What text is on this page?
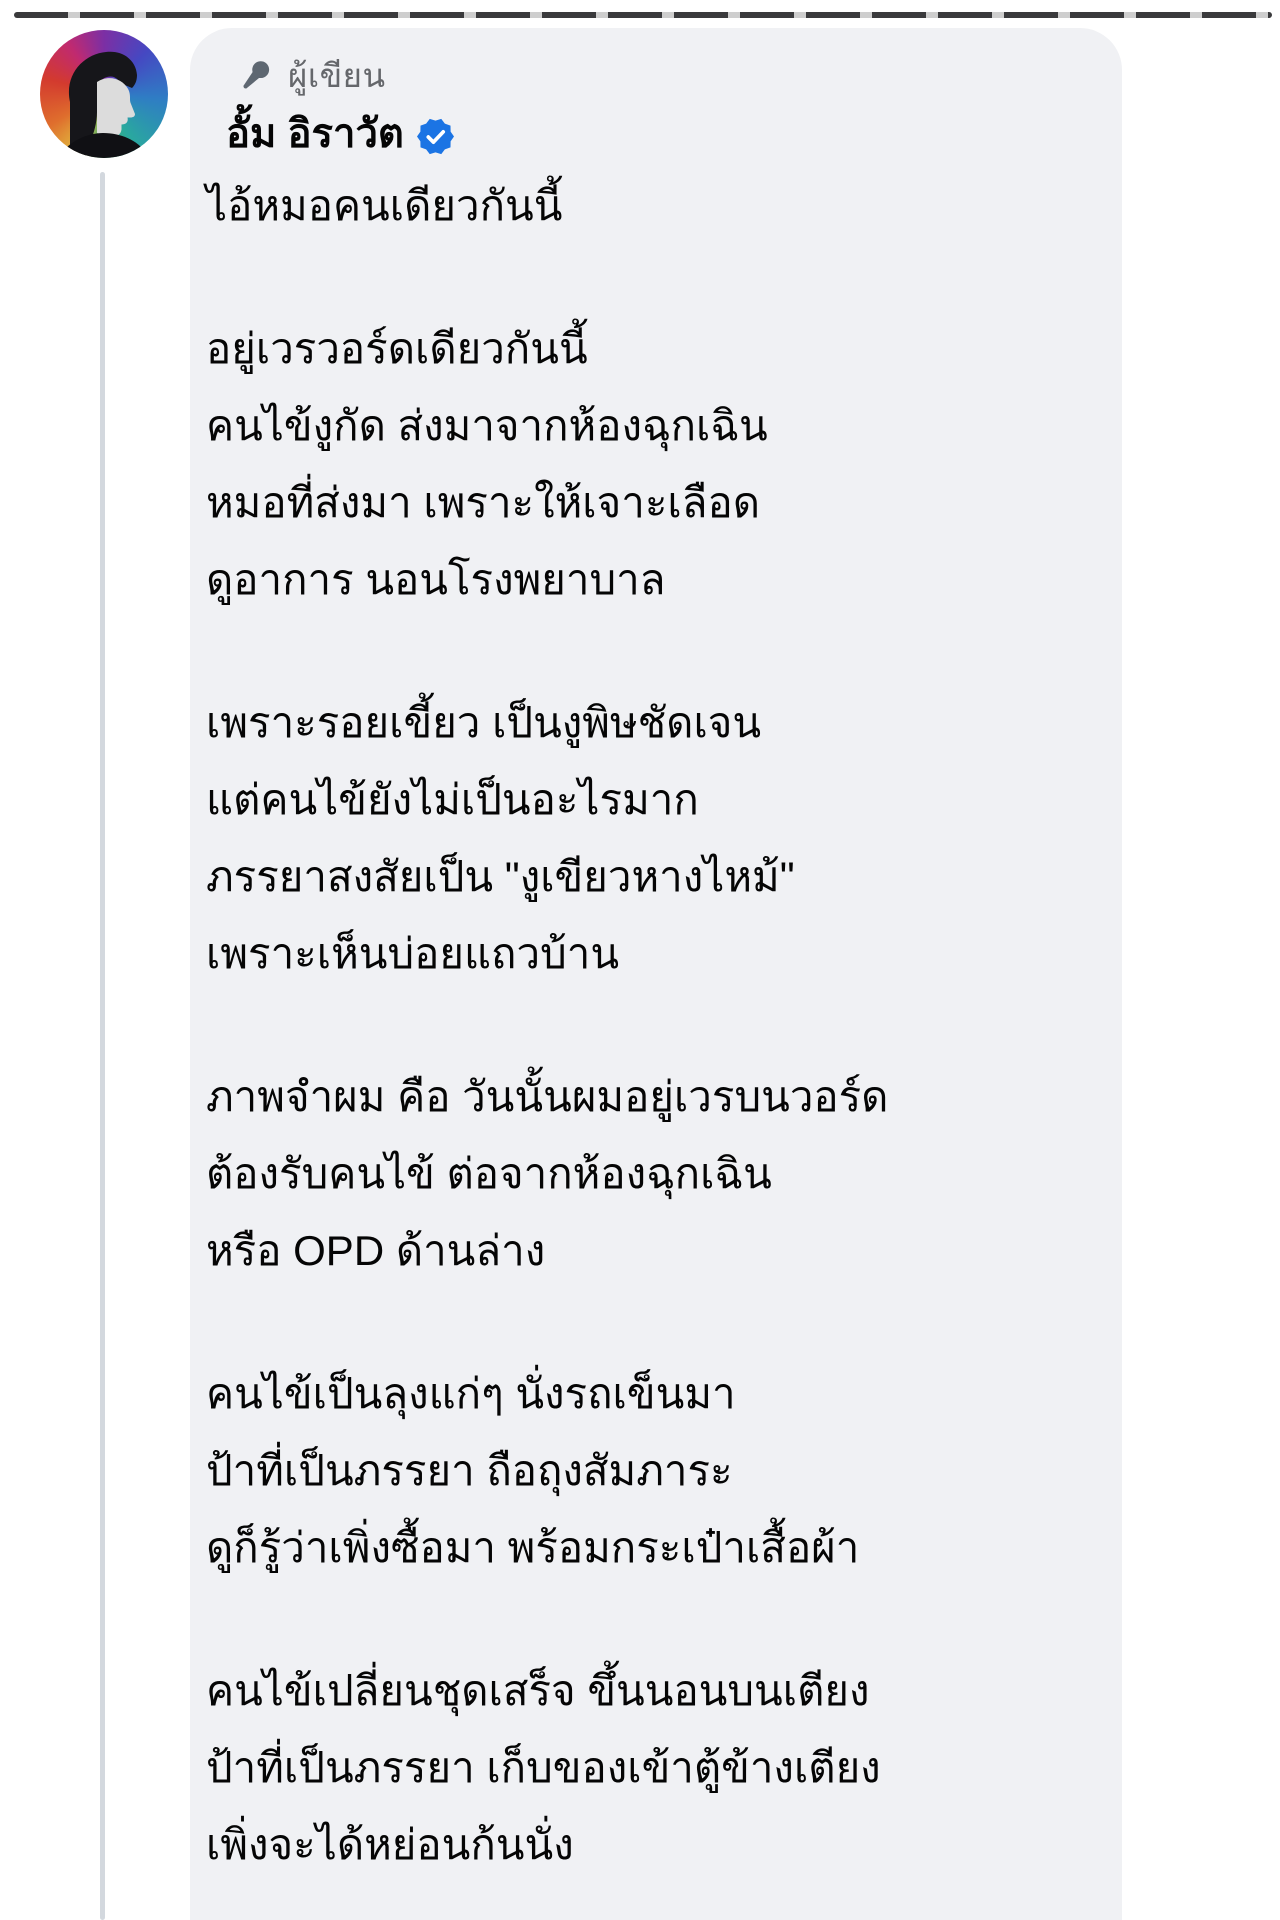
ผู้เขียน
อั้ม อิราวัต
ไอ้หมอคนเดียวกันนี้
อยู่เวรวอร์ดเดียวกันนี้
คนไข้งูกัด ส่งมาจากห้องฉุกเฉิน
หมอที่ส่งมา เพราะให้เจาะเลือด
ดูอาการ นอนโรงพยาบาล
เพราะรอยเขี้ยว เป็นงูพิษชัดเจน
แต่คนไข้ยังไม่เป็นอะไรมาก
ภรรยาสงสัยเป็น "งูเขียวหางไหม้"
เพราะเห็นบ่อยแถวบ้าน
ภาพจำผม คือ วันนั้นผมอยู่เวรบนวอร์ด
ต้องรับคนไข้ ต่อจากห้องฉุกเฉิน
หรือ OPD ด้านล่าง
คนไข้เป็นลุงแก่ๆ นั่งรถเข็นมา
ป้าที่เป็นภรรยา ถือถุงสัมภาระ
ดูก็รู้ว่าเพิ่งซื้อมา พร้อมกระเป๋าเสื้อผ้า
คนไข้เปลี่ยนชุดเสร็จ ขึ้นนอนบนเตียง
ป้าที่เป็นภรรยา เก็บของเข้าตู้ข้างเตียง
เพิ่งจะได้หย่อนก้นนั่ง
